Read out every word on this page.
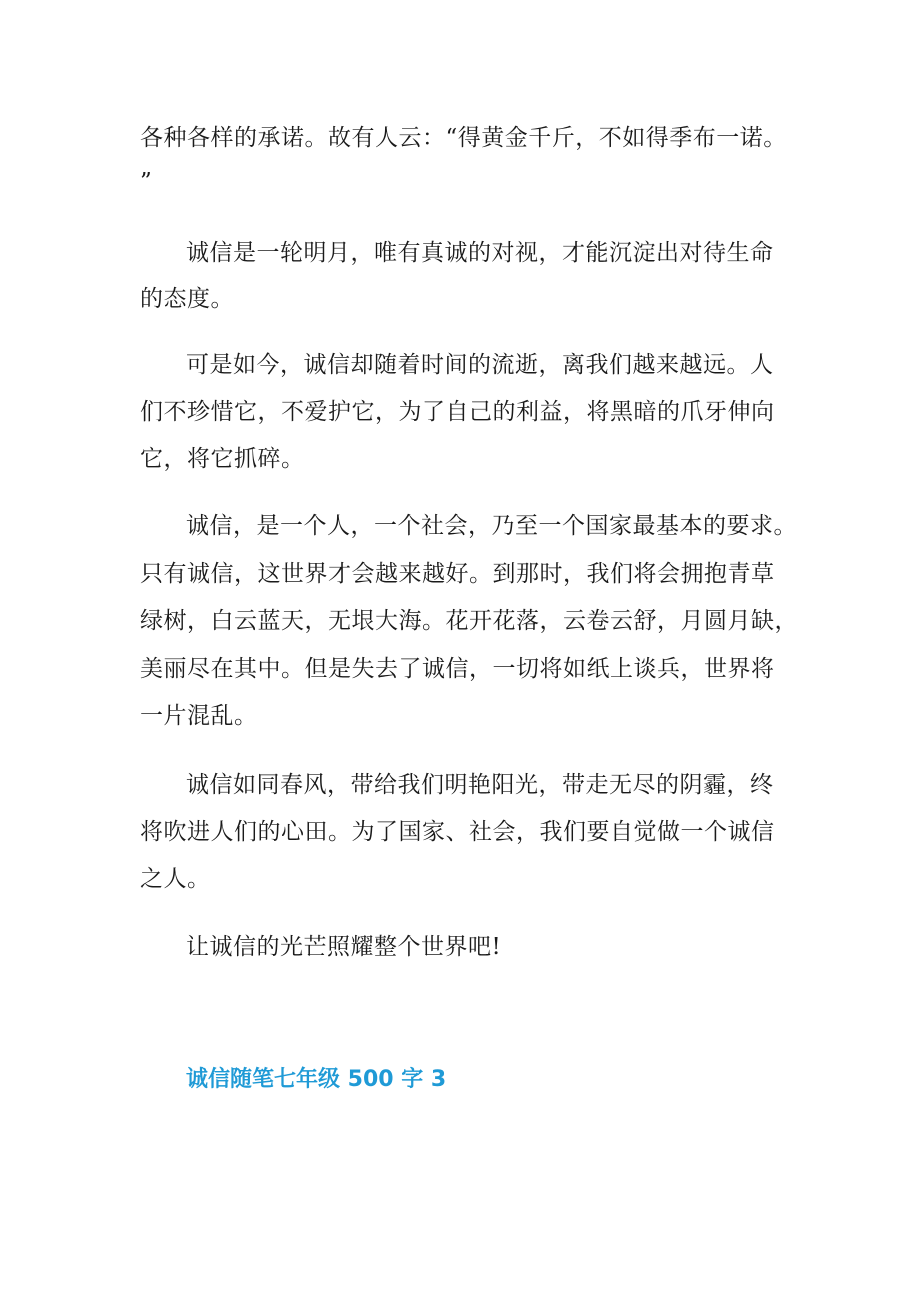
各种各样的承诺。故有人云：“得黄金千斤，不如得季布一诺。
”
诚信是一轮明月，唯有真诚的对视，才能沉淀出对待生命
的态度。
可是如今，诚信却随着时间的流逝，离我们越来越远。人
们不珍惜它，不爱护它，为了自己的利益，将黑暗的爪牙伸向
它，将它抓碎。
诚信，是一个人，一个社会，乃至一个国家最基本的要求。
只有诚信，这世界才会越来越好。到那时，我们将会拥抱青草
绿树，白云蓝天，无垠大海。花开花落，云卷云舒，月圆月缺，
美丽尽在其中。但是失去了诚信，一切将如纸上谈兵，世界将
一片混乱。
诚信如同春风，带给我们明艳阳光，带走无尽的阴霾，终
将吹进人们的心田。为了国家、社会，我们要自觉做一个诚信
之人。
让诚信的光芒照耀整个世界吧!
诚信随笔七年级 500 字 3
